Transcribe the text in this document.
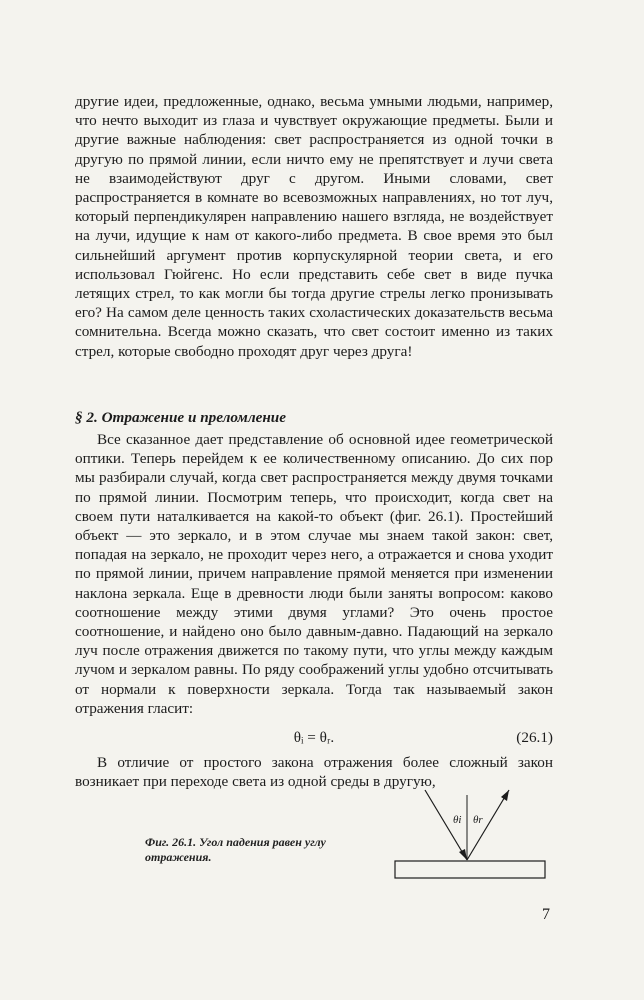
другие идеи, предложенные, однако, весьма умными людьми, например, что нечто выходит из глаза и чувствует окружающие предметы. Были и другие важные наблюдения: свет распространяется из одной точки в другую по прямой линии, если ничто ему не препятствует и лучи света не взаимодействуют друг с другом. Иными словами, свет распространяется в комнате во всевозможных направлениях, но тот луч, который перпендикулярен направлению нашего взгляда, не воздействует на лучи, идущие к нам от какого-либо предмета. В свое время это был сильнейший аргумент против корпускулярной теории света, и его использовал Гюйгенс. Но если представить себе свет в виде пучка летящих стрел, то как могли бы тогда другие стрелы легко пронизывать его? На самом деле ценность таких схоластических доказательств весьма сомнительна. Всегда можно сказать, что свет состоит именно из таких стрел, которые свободно проходят друг через друга!

§ 2. Отражение и преломление

Все сказанное дает представление об основной идее геометрической оптики. Теперь перейдем к ее количественному описанию. До сих пор мы разбирали случай, когда свет распространяется между двумя точками по прямой линии. Посмотрим теперь, что происходит, когда свет на своем пути наталкивается на какой-то объект (фиг. 26.1). Простейший объект — это зеркало, и в этом случае мы знаем такой закон: свет, попадая на зеркало, не проходит через него, а отражается и снова уходит по прямой линии, причем направление прямой меняется при изменении наклона зеркала. Еще в древности люди были заняты вопросом: каково соотношение между этими двумя углами? Это очень простое соотношение, и найдено оно было давным-давно. Падающий на зеркало луч после отражения движется по такому пути, что углы между каждым лучом и зеркалом равны. По ряду соображений углы удобно отсчитывать от нормали к поверхности зеркала. Тогда так называемый закон отражения гласит:

θᵢ = θᵣ.	(26.1)

В отличие от простого закона отражения более сложный закон возникает при переходе света из одной среды в другую,

θi θr
Фиг. 26.1. Угол падения равен углу отражения.
7
